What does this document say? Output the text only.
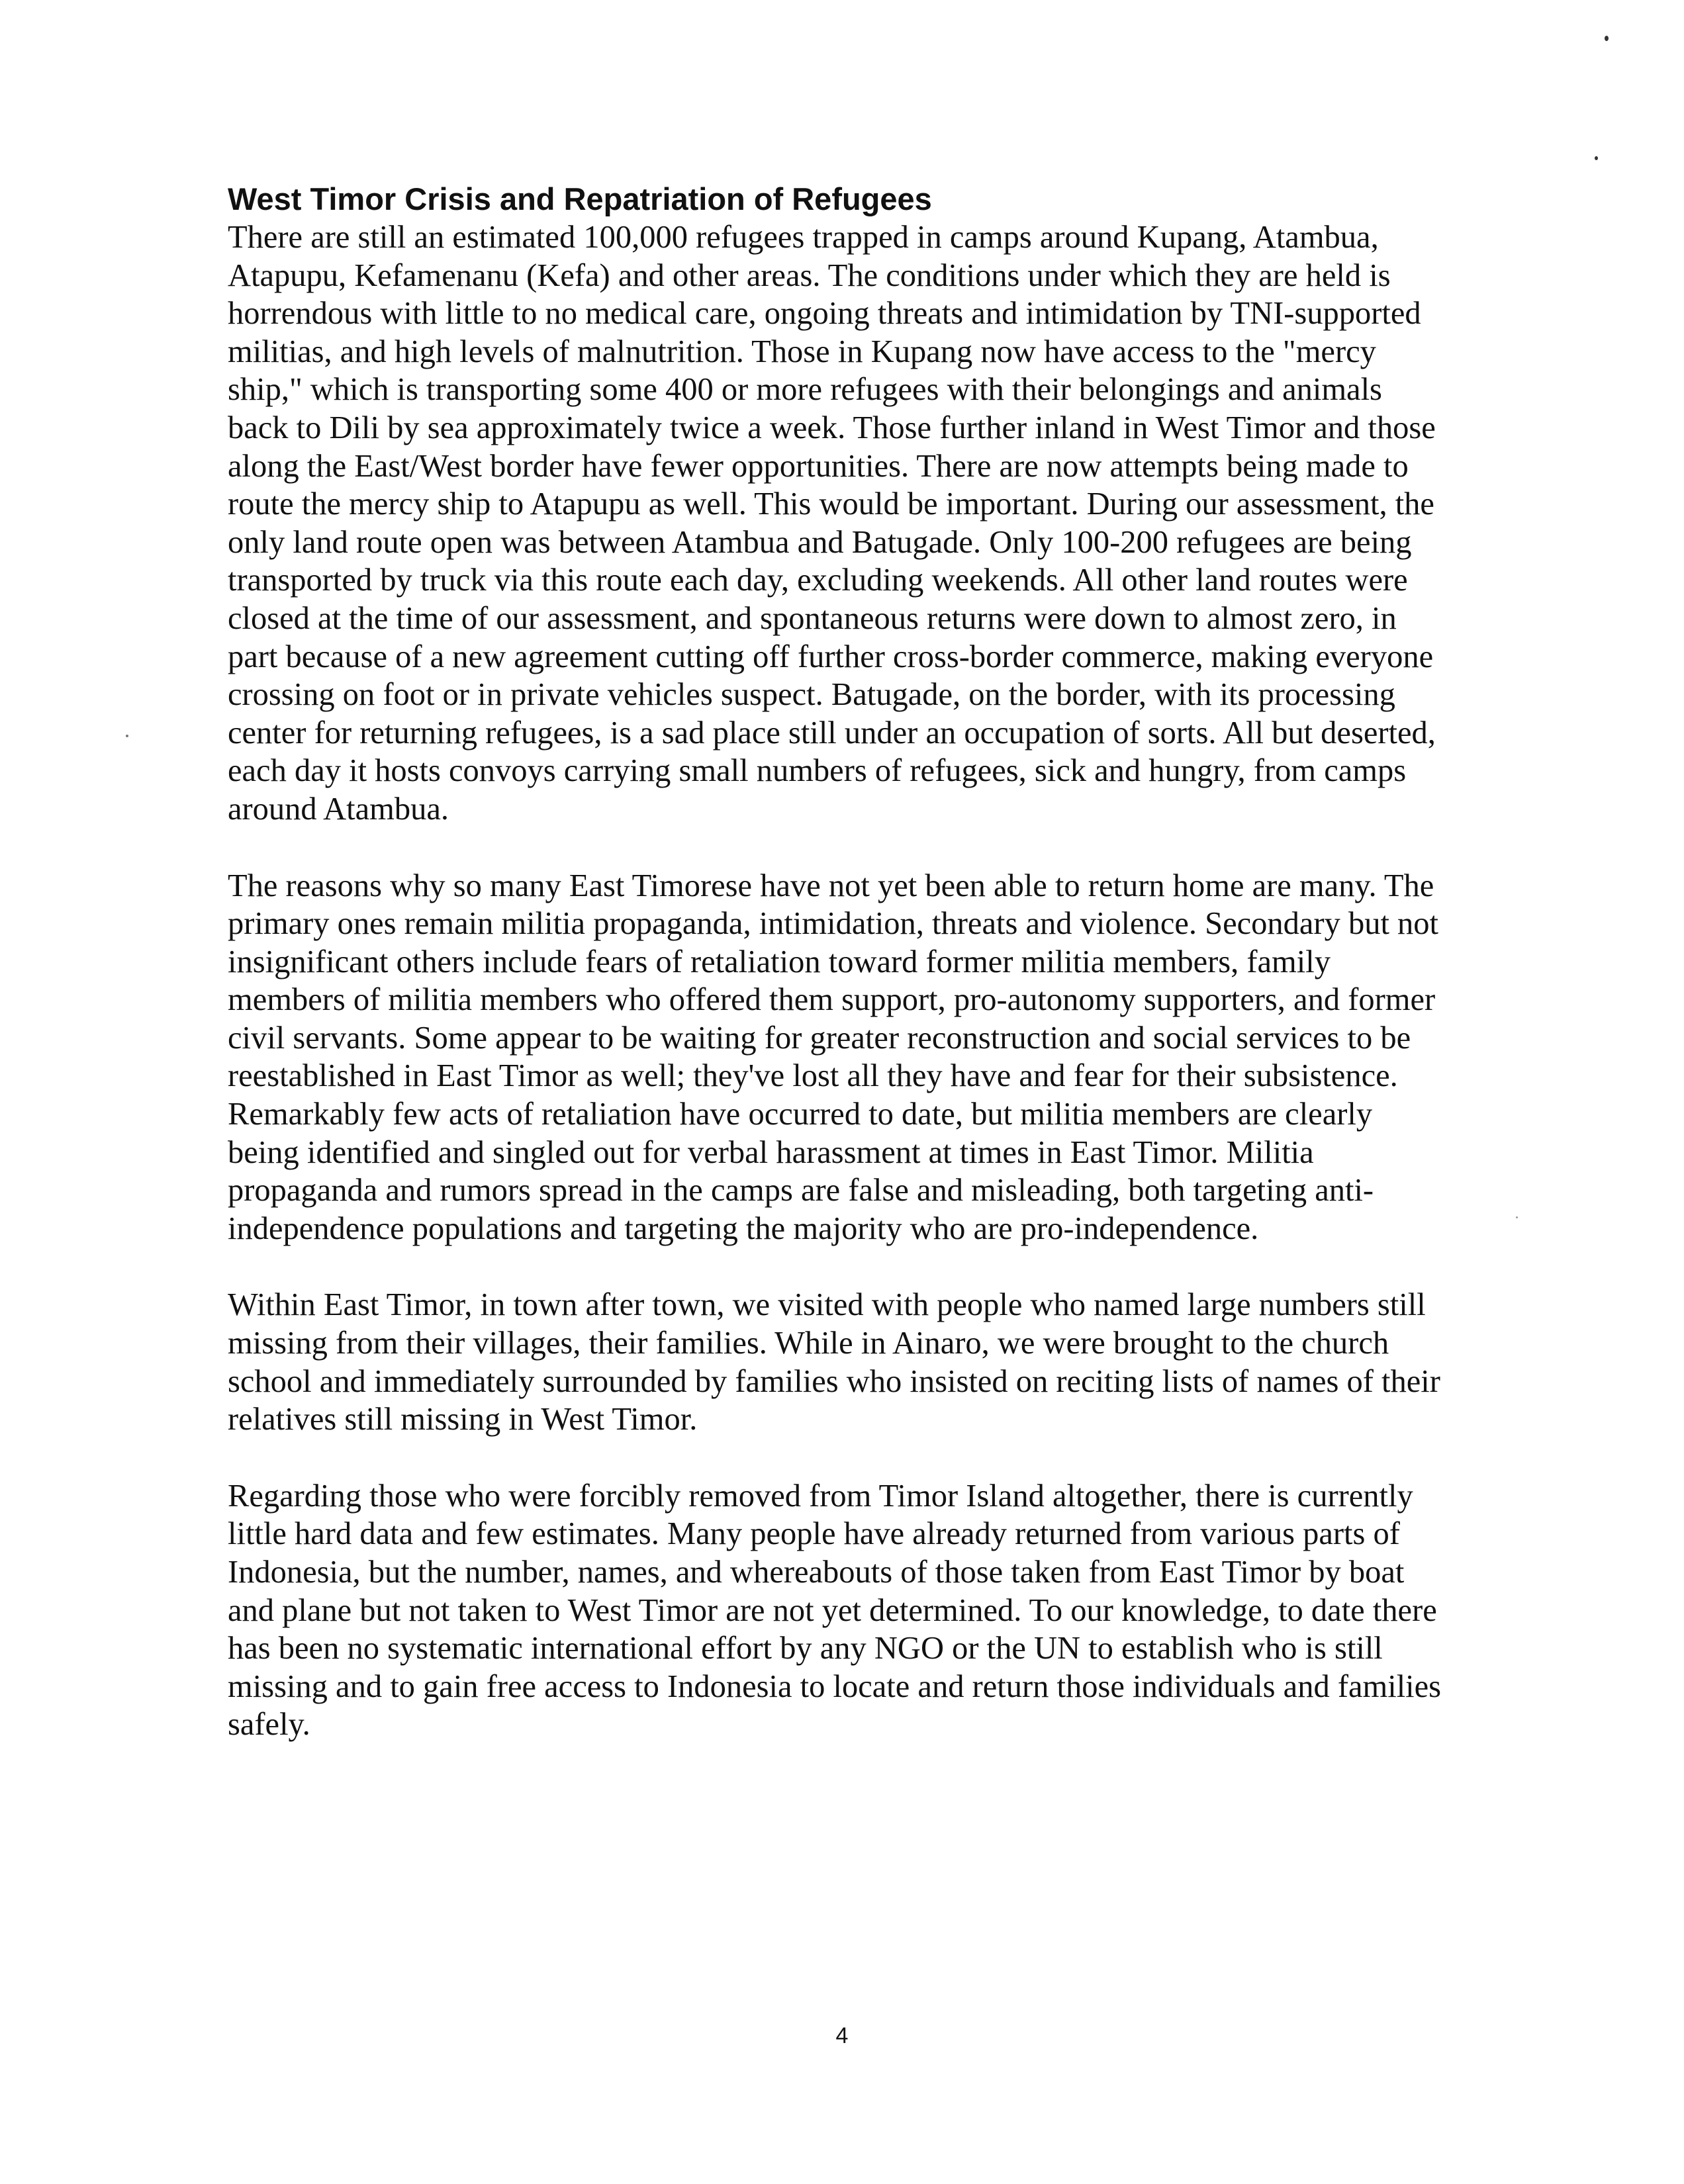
West Timor Crisis and Repatriation of Refugees

There are still an estimated 100,000 refugees trapped in camps around Kupang, Atambua, Atapupu, Kefamenanu (Kefa) and other areas. The conditions under which they are held is horrendous with little to no medical care, ongoing threats and intimidation by TNI-supported militias, and high levels of malnutrition. Those in Kupang now have access to the "mercy ship," which is transporting some 400 or more refugees with their belongings and animals back to Dili by sea approximately twice a week. Those further inland in West Timor and those along the East/West border have fewer opportunities. There are now attempts being made to route the mercy ship to Atapupu as well. This would be important. During our assessment, the only land route open was between Atambua and Batugade. Only 100-200 refugees are being transported by truck via this route each day, excluding weekends. All other land routes were closed at the time of our assessment, and spontaneous returns were down to almost zero, in part because of a new agreement cutting off further cross-border commerce, making everyone crossing on foot or in private vehicles suspect. Batugade, on the border, with its processing center for returning refugees, is a sad place still under an occupation of sorts. All but deserted, each day it hosts convoys carrying small numbers of refugees, sick and hungry, from camps around Atambua.

The reasons why so many East Timorese have not yet been able to return home are many. The primary ones remain militia propaganda, intimidation, threats and violence. Secondary but not insignificant others include fears of retaliation toward former militia members, family members of militia members who offered them support, pro-autonomy supporters, and former civil servants. Some appear to be waiting for greater reconstruction and social services to be reestablished in East Timor as well; they've lost all they have and fear for their subsistence. Remarkably few acts of retaliation have occurred to date, but militia members are clearly being identified and singled out for verbal harassment at times in East Timor. Militia propaganda and rumors spread in the camps are false and misleading, both targeting anti-independence populations and targeting the majority who are pro-independence.

Within East Timor, in town after town, we visited with people who named large numbers still missing from their villages, their families. While in Ainaro, we were brought to the church school and immediately surrounded by families who insisted on reciting lists of names of their relatives still missing in West Timor.

Regarding those who were forcibly removed from Timor Island altogether, there is currently little hard data and few estimates. Many people have already returned from various parts of Indonesia, but the number, names, and whereabouts of those taken from East Timor by boat and plane but not taken to West Timor are not yet determined. To our knowledge, to date there has been no systematic international effort by any NGO or the UN to establish who is still missing and to gain free access to Indonesia to locate and return those individuals and families safely.

4
